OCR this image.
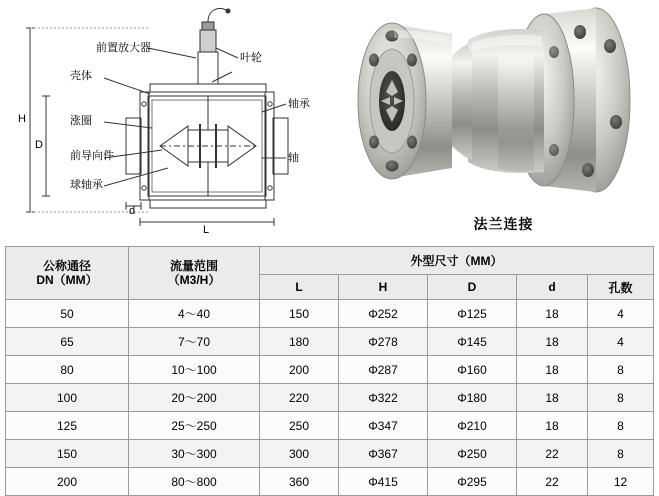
前置放大器
叶轮
壳体
轴承
涨圈
前导向件	轴
球轴承
H
D
d
L	法兰连接
公称通径
DN（MM）

流量范围
（M3/H）
	外型尺寸（MM）
		L	H	D	d	孔数
50	4～40	150	Φ252	Φ125	18	4
65	7～70	180	Φ278	Φ145	18	4
80	10～100	200	Φ287	Φ160	18	8
100	20～200	220	Φ322	Φ180	18	8
125	25～250	250	Φ347	Φ210	18	8
150	30～300	300	Φ367	Φ250	22	8
200	80～800	360	Φ415	Φ295	22	12
